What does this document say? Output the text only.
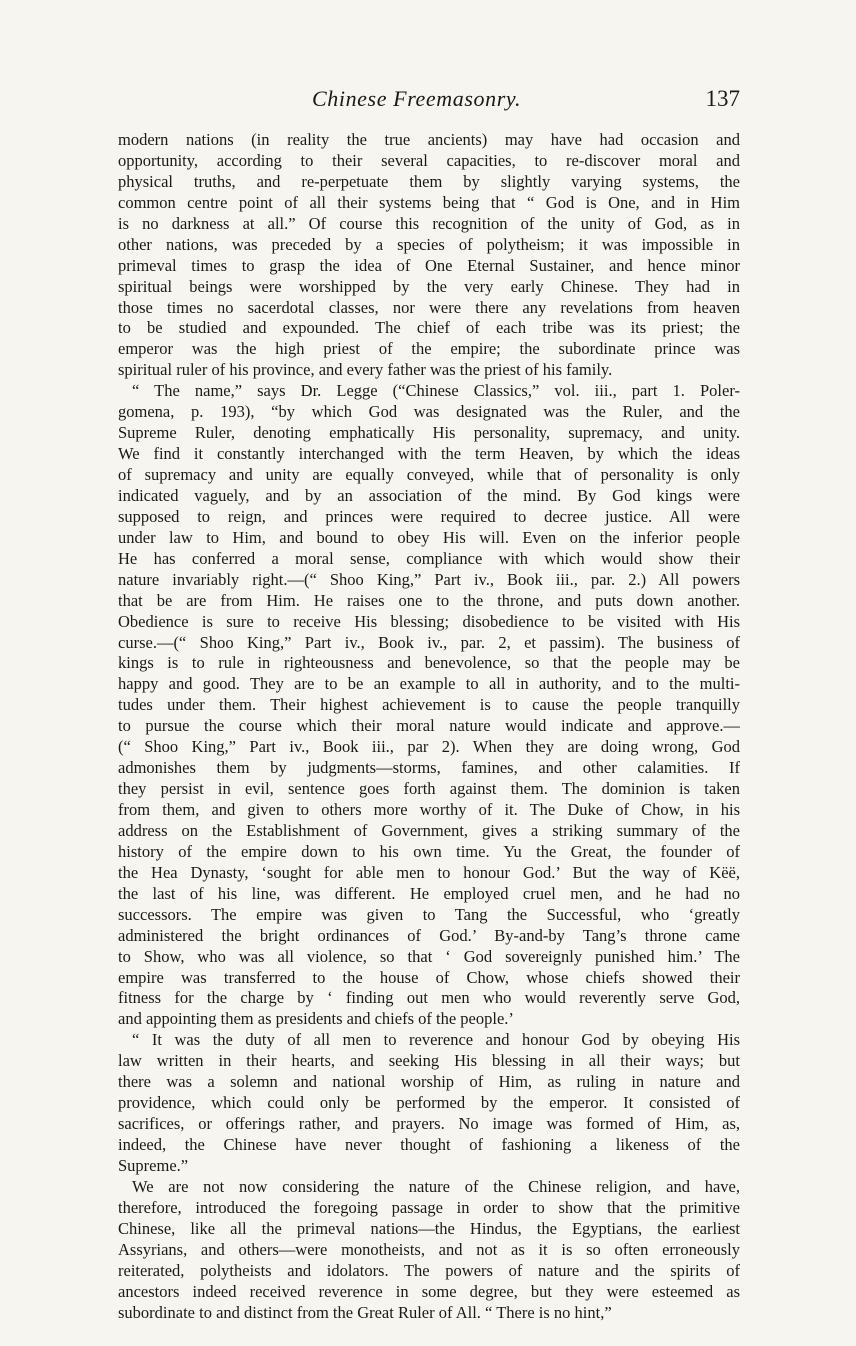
Chinese Freemasonry.	137
modern nations (in reality the true ancients) may have had occasion and
opportunity, according to their several capacities, to re-discover moral and
physical truths, and re-perpetuate them by slightly varying systems, the
common centre point of all their systems being that “ God is One, and in Him
is no darkness at all.” Of course this recognition of the unity of God, as in
other nations, was preceded by a species of polytheism; it was impossible in
primeval times to grasp the idea of One Eternal Sustainer, and hence minor
spiritual beings were worshipped by the very early Chinese. They had in
those times no sacerdotal classes, nor were there any revelations from heaven
to be studied and expounded. The chief of each tribe was its priest; the
emperor was the high priest of the empire; the subordinate prince was
spiritual ruler of his province, and every father was the priest of his family.
“ The name,” says Dr. Legge (“Chinese Classics,” vol. iii., part 1. Poler-
gomena, p. 193), “by which God was designated was the Ruler, and the
Supreme Ruler, denoting emphatically His personality, supremacy, and unity.
We find it constantly interchanged with the term Heaven, by which the ideas
of supremacy and unity are equally conveyed, while that of personality is only
indicated vaguely, and by an association of the mind. By God kings were
supposed to reign, and princes were required to decree justice. All were
under law to Him, and bound to obey His will. Even on the inferior people
He has conferred a moral sense, compliance with which would show their
nature invariably right.—(“ Shoo King,” Part iv., Book iii., par. 2.) All powers
that be are from Him. He raises one to the throne, and puts down another.
Obedience is sure to receive His blessing; disobedience to be visited with His
curse.—(“ Shoo King,” Part iv., Book iv., par. 2, et passim). The business of
kings is to rule in righteousness and benevolence, so that the people may be
happy and good. They are to be an example to all in authority, and to the multi-
tudes under them. Their highest achievement is to cause the people tranquilly
to pursue the course which their moral nature would indicate and approve.—
(“ Shoo King,” Part iv., Book iii., par 2). When they are doing wrong, God
admonishes them by judgments—storms, famines, and other calamities. If
they persist in evil, sentence goes forth against them. The dominion is taken
from them, and given to others more worthy of it. The Duke of Chow, in his
address on the Establishment of Government, gives a striking summary of the
history of the empire down to his own time. Yu the Great, the founder of
the Hea Dynasty, ‘sought for able men to honour God.’ But the way of Këë,
the last of his line, was different. He employed cruel men, and he had no
successors. The empire was given to Tang the Successful, who ‘greatly
administered the bright ordinances of God.’ By-and-by Tang’s throne came
to Show, who was all violence, so that ‘ God sovereignly punished him.’ The
empire was transferred to the house of Chow, whose chiefs showed their
fitness for the charge by ‘ finding out men who would reverently serve God,
and appointing them as presidents and chiefs of the people.’
“ It was the duty of all men to reverence and honour God by obeying His
law written in their hearts, and seeking His blessing in all their ways; but
there was a solemn and national worship of Him, as ruling in nature and
providence, which could only be performed by the emperor. It consisted of
sacrifices, or offerings rather, and prayers. No image was formed of Him, as,
indeed, the Chinese have never thought of fashioning a likeness of the
Supreme.”
We are not now considering the nature of the Chinese religion, and have,
therefore, introduced the foregoing passage in order to show that the primitive
Chinese, like all the primeval nations—the Hindus, the Egyptians, the earliest
Assyrians, and others—were monotheists, and not as it is so often erroneously
reiterated, polytheists and idolators. The powers of nature and the spirits of
ancestors indeed received reverence in some degree, but they were esteemed as
subordinate to and distinct from the Great Ruler of All. “ There is no hint,”
